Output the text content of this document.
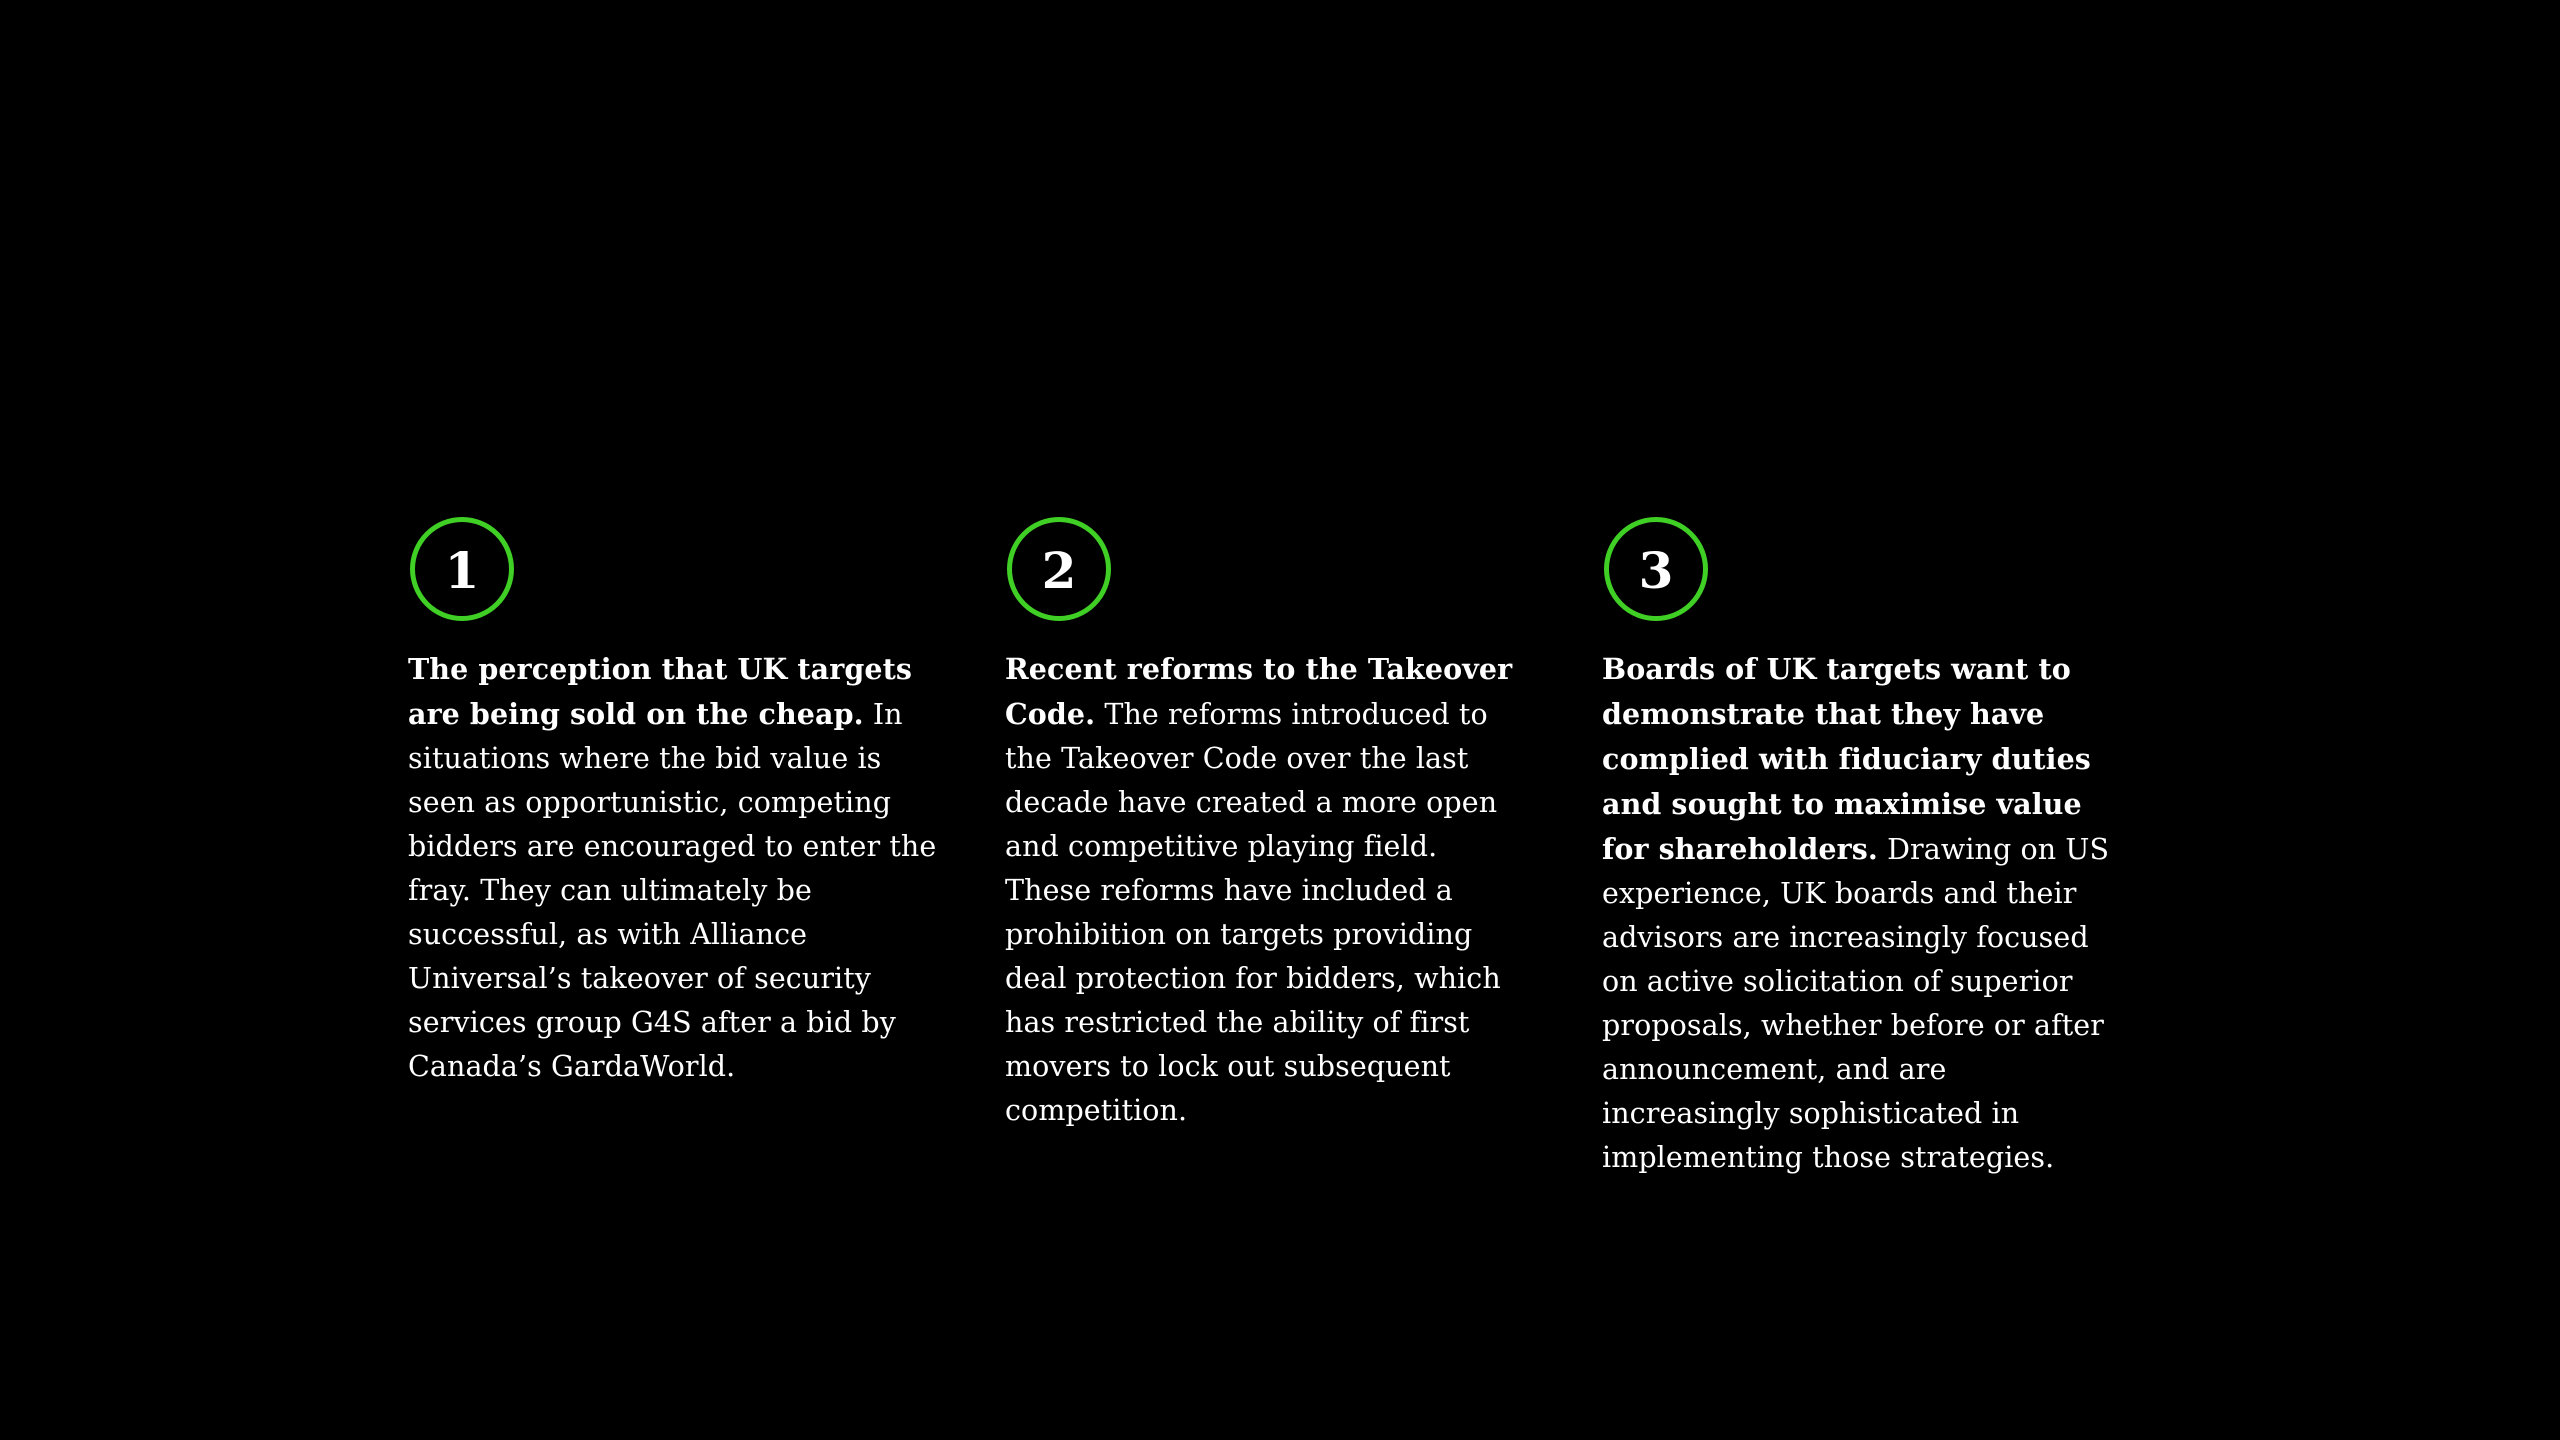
1

The perception that UK targets are being sold on the cheap. In situations where the bid value is seen as opportunistic, competing bidders are encouraged to enter the fray. They can ultimately be successful, as with Alliance Universal’s takeover of security services group G4S after a bid by Canada’s GardaWorld.

2

Recent reforms to the Takeover Code. The reforms introduced to the Takeover Code over the last decade have created a more open and competitive playing field. These reforms have included a prohibition on targets providing deal protection for bidders, which has restricted the ability of first movers to lock out subsequent competition.

3

Boards of UK targets want to demonstrate that they have complied with fiduciary duties and sought to maximise value for shareholders. Drawing on US experience, UK boards and their advisors are increasingly focused on active solicitation of superior proposals, whether before or after announcement, and are increasingly sophisticated in implementing those strategies.
